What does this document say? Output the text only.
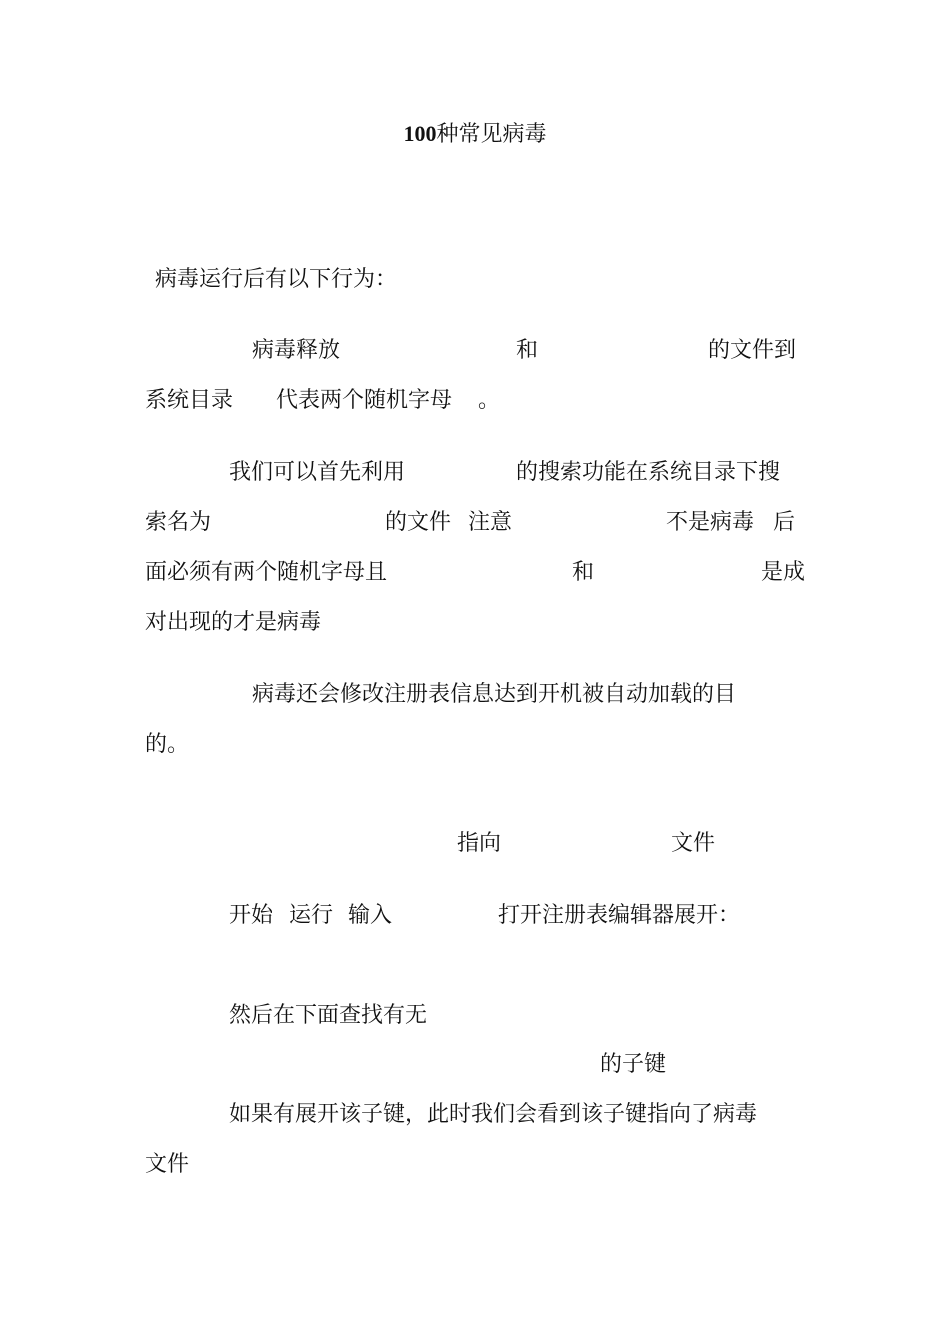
100种常见病毒
病毒运行后有以下行为：
病毒释放	和	的文件到
系统目录 代表两个随机字母 。
我们可以首先利用	的搜索功能在系统目录下搜
索名为	的文件 注意	不是病毒 后
面必须有两个随机字母且	和	是成
对出现的才是病毒
病毒还会修改注册表信息达到开机被自动加载的目
的。
指向	文件
开始 运行 输入	打开注册表编辑器展开：
然后在下面查找有无
的子键
如果有展开该子键，此时我们会看到该子键指向了病毒
文件
